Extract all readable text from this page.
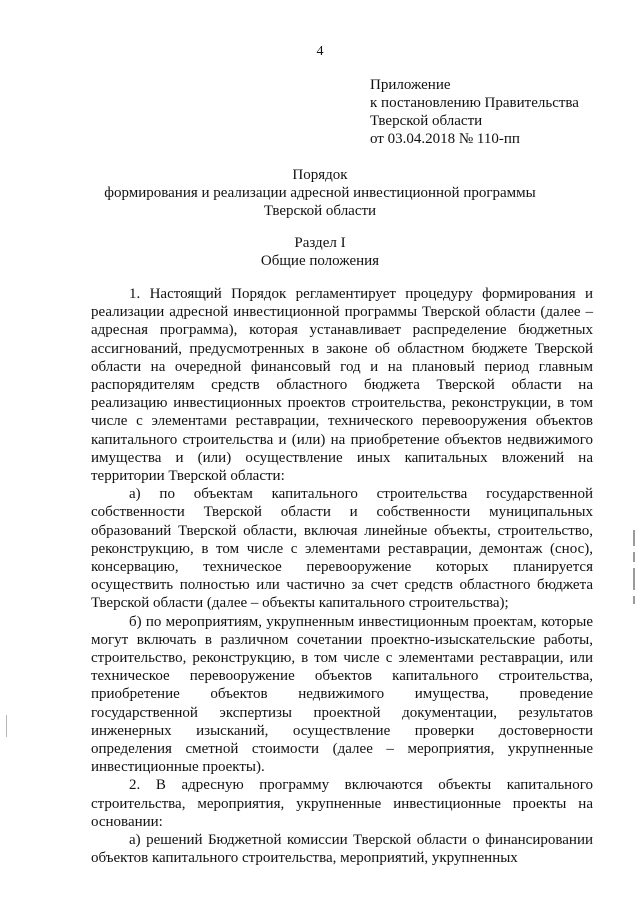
4
Приложение
к постановлению Правительства
Тверской области
от 03.04.2018 № 110-пп
Порядок
формирования и реализации адресной инвестиционной программы
Тверской области
Раздел I
Общие положения

1. Настоящий Порядок регламентирует процедуру формирования и реализации адресной инвестиционной программы Тверской области (далее – адресная программа), которая устанавливает распределение бюджетных ассигнований, предусмотренных в законе об областном бюджете Тверской области на очередной финансовый год и на плановый период главным распорядителям средств областного бюджета Тверской области на реализацию инвестиционных проектов строительства, реконструкции, в том числе с элементами реставрации, технического перевооружения объектов капитального строительства и (или) на приобретение объектов недвижимого имущества и (или) осуществление иных капитальных вложений на территории Тверской области:

а) по объектам капитального строительства государственной собственности Тверской области и собственности муниципальных образований Тверской области, включая линейные объекты, строительство, реконструкцию, в том числе с элементами реставрации, демонтаж (снос), консервацию, техническое перевооружение которых планируется осуществить полностью или частично за счет средств областного бюджета Тверской области (далее – объекты капитального строительства);

б) по мероприятиям, укрупненным инвестиционным проектам, которые могут включать в различном сочетании проектно-изыскательские работы, строительство, реконструкцию, в том числе с элементами реставрации, или техническое перевооружение объектов капитального строительства, приобретение объектов недвижимого имущества, проведение государственной экспертизы проектной документации, результатов инженерных изысканий, осуществление проверки достоверности определения сметной стоимости (далее – мероприятия, укрупненные инвестиционные проекты).

2. В адресную программу включаются объекты капитального строительства, мероприятия, укрупненные инвестиционные проекты на основании:

а) решений Бюджетной комиссии Тверской области о финансировании объектов капитального строительства, мероприятий, укрупненных
